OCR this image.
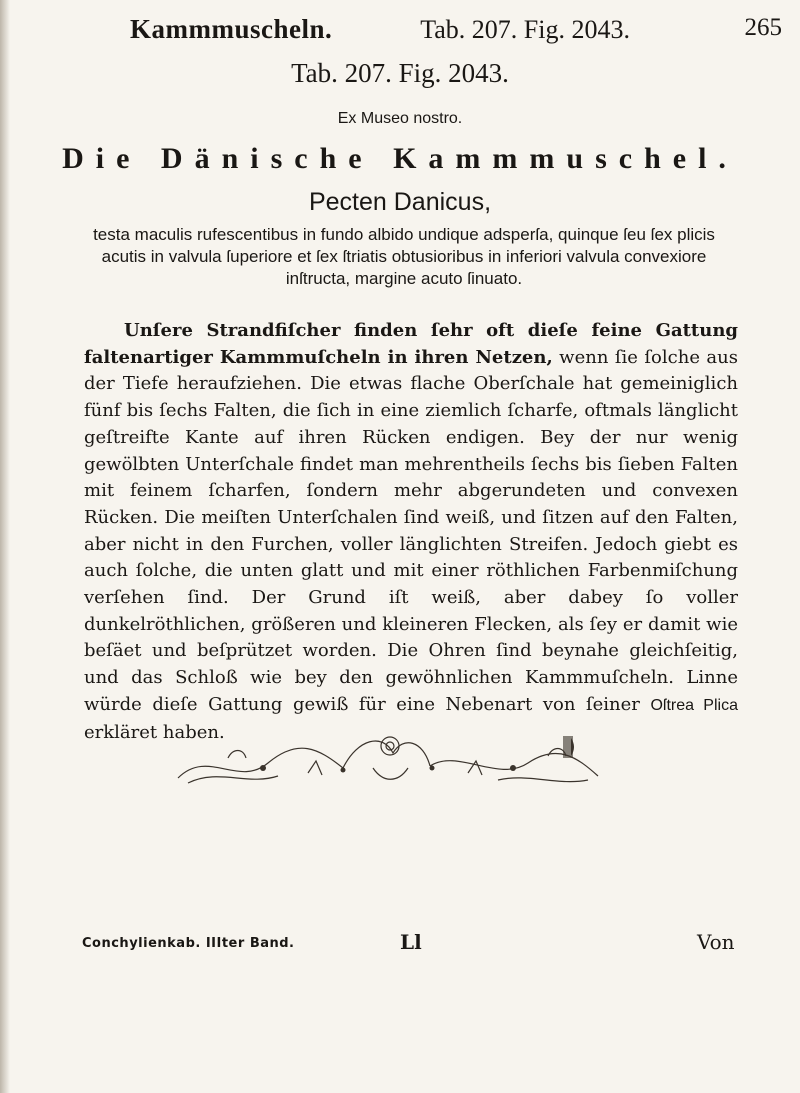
Kammmuscheln.	Tab. 207. Fig. 2043.	265
Tab. 207. Fig. 2043.
Ex Museo nostro.
Die Dänische Kammmuschel.
Pecten Danicus,
testa maculis rufescentibus in fundo albido undique adsperſa, quinque ſeu ſex plicis acutis in valvula ſuperiore et ſex ſtriatis obtusioribus in inferiori valvula convexiore inſtructa, margine acuto ſinuato.
Unſere Strandfiſcher finden ſehr oft dieſe feine Gattung faltenartiger Kammmuſcheln in ihren Netzen, wenn ſie ſolche aus der Tiefe heraufziehen. Die etwas flache Oberſchale hat gemeiniglich fünf bis ſechs Falten, die ſich in eine ziemlich ſcharfe, oftmals länglicht geſtreifte Kante auf ihren Rücken endigen. Bey der nur wenig gewölbten Unterſchale findet man mehrentheils ſechs bis ſieben Falten mit feinem ſcharfen, ſondern mehr abgerundeten und convexen Rücken. Die meiſten Unterſchalen ſind weiß, und ſitzen auf den Falten, aber nicht in den Furchen, voller länglichten Streifen. Jedoch giebt es auch ſolche, die unten glatt und mit einer röthlichen Farbenmiſchung verſehen ſind. Der Grund iſt weiß, aber dabey ſo voller dunkelröthlichen, größeren und kleineren Flecken, als ſey er damit wie beſäet und beſprützet worden. Die Ohren ſind beynahe gleichſeitig, und das Schloß wie bey den gewöhnlichen Kammmuſcheln. Linne würde dieſe Gattung gewiß für eine Nebenart von ſeiner Oſtrea Plica erkläret haben.
Conchylienkab. IIIter Band.	Ll	Von
